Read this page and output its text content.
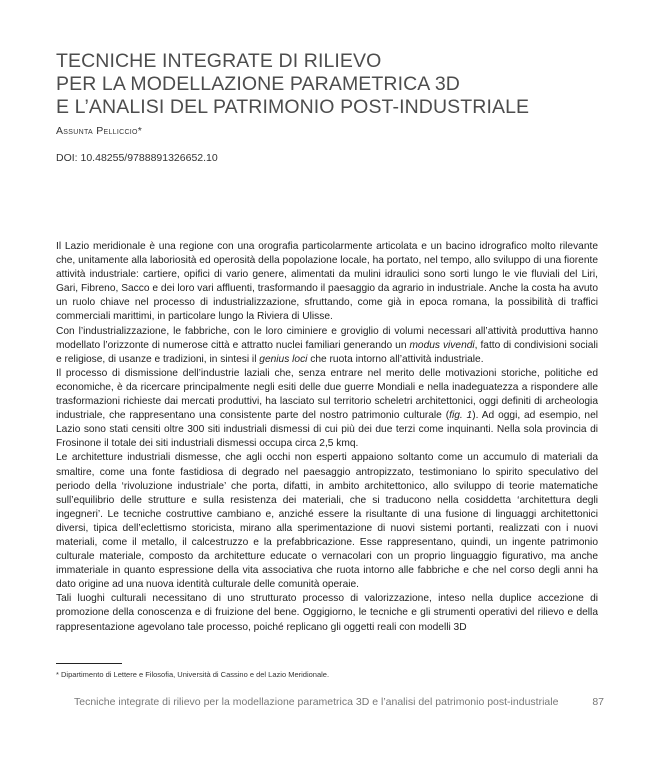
TECNICHE INTEGRATE DI RILIEVO
PER LA MODELLAZIONE PARAMETRICA 3D
E L’ANALISI DEL PATRIMONIO POST-INDUSTRIALE
Assunta Pelliccio*
DOI: 10.48255/9788891326652.10

Il Lazio meridionale è una regione con una orografia particolarmente articolata e un bacino idrografico molto rilevante che, unitamente alla laboriosità ed operosità della popolazione locale, ha portato, nel tempo, allo sviluppo di una fiorente attività industriale: cartiere, opifici di vario genere, alimentati da mulini idraulici sono sorti lungo le vie fluviali del Liri, Gari, Fibreno, Sacco e dei loro vari affluenti, trasformando il paesaggio da agrario in industriale. Anche la costa ha avuto un ruolo chiave nel processo di industrializzazione, sfruttando, come già in epoca romana, la possibilità di traffici commerciali marittimi, in particolare lungo la Riviera di Ulisse.

Con l’industrializzazione, le fabbriche, con le loro ciminiere e groviglio di volumi necessari all’attività produttiva hanno modellato l’orizzonte di numerose città e attratto nuclei familiari generando un modus vivendi, fatto di condivisioni sociali e religiose, di usanze e tradizioni, in sintesi il genius loci che ruota intorno all’attività industriale.

Il processo di dismissione dell’industrie laziali che, senza entrare nel merito delle motivazioni storiche, politiche ed economiche, è da ricercare principalmente negli esiti delle due guerre Mondiali e nella inadeguatezza a rispondere alle trasformazioni richieste dai mercati produttivi, ha lasciato sul territorio scheletri architettonici, oggi definiti di archeologia industriale, che rappresentano una consistente parte del nostro patrimonio culturale (fig. 1). Ad oggi, ad esempio, nel Lazio sono stati censiti oltre 300 siti industriali dismessi di cui più dei due terzi come inquinanti. Nella sola provincia di Frosinone il totale dei siti industriali dismessi occupa circa 2,5 kmq.

Le architetture industriali dismesse, che agli occhi non esperti appaiono soltanto come un accumulo di materiali da smaltire, come una fonte fastidiosa di degrado nel paesaggio antropizzato, testimoniano lo spirito speculativo del periodo della ‘rivoluzione industriale’ che porta, difatti, in ambito architettonico, allo sviluppo di teorie matematiche sull’equilibrio delle strutture e sulla resistenza dei materiali, che si traducono nella cosiddetta ‘architettura degli ingegneri’. Le tecniche costruttive cambiano e, anziché essere la risultante di una fusione di linguaggi architettonici diversi, tipica dell’eclettismo storicista, mirano alla sperimentazione di nuovi sistemi portanti, realizzati con i nuovi materiali, come il metallo, il calcestruzzo e la prefabbricazione. Esse rappresentano, quindi, un ingente patrimonio culturale materiale, composto da architetture educate o vernacolari con un proprio linguaggio figurativo, ma anche immateriale in quanto espressione della vita associativa che ruota intorno alle fabbriche e che nel corso degli anni ha dato origine ad una nuova identità culturale delle comunità operaie.

Tali luoghi culturali necessitano di uno strutturato processo di valorizzazione, inteso nella duplice accezione di promozione della conoscenza e di fruizione del bene. Oggigiorno, le tecniche e gli strumenti operativi del rilievo e della rappresentazione agevolano tale processo, poiché replicano gli oggetti reali con modelli 3D

* Dipartimento di Lettere e Filosofia, Università di Cassino e del Lazio Meridionale.
Tecniche integrate di rilievo per la modellazione parametrica 3D e l’analisi del patrimonio post-industriale	87
